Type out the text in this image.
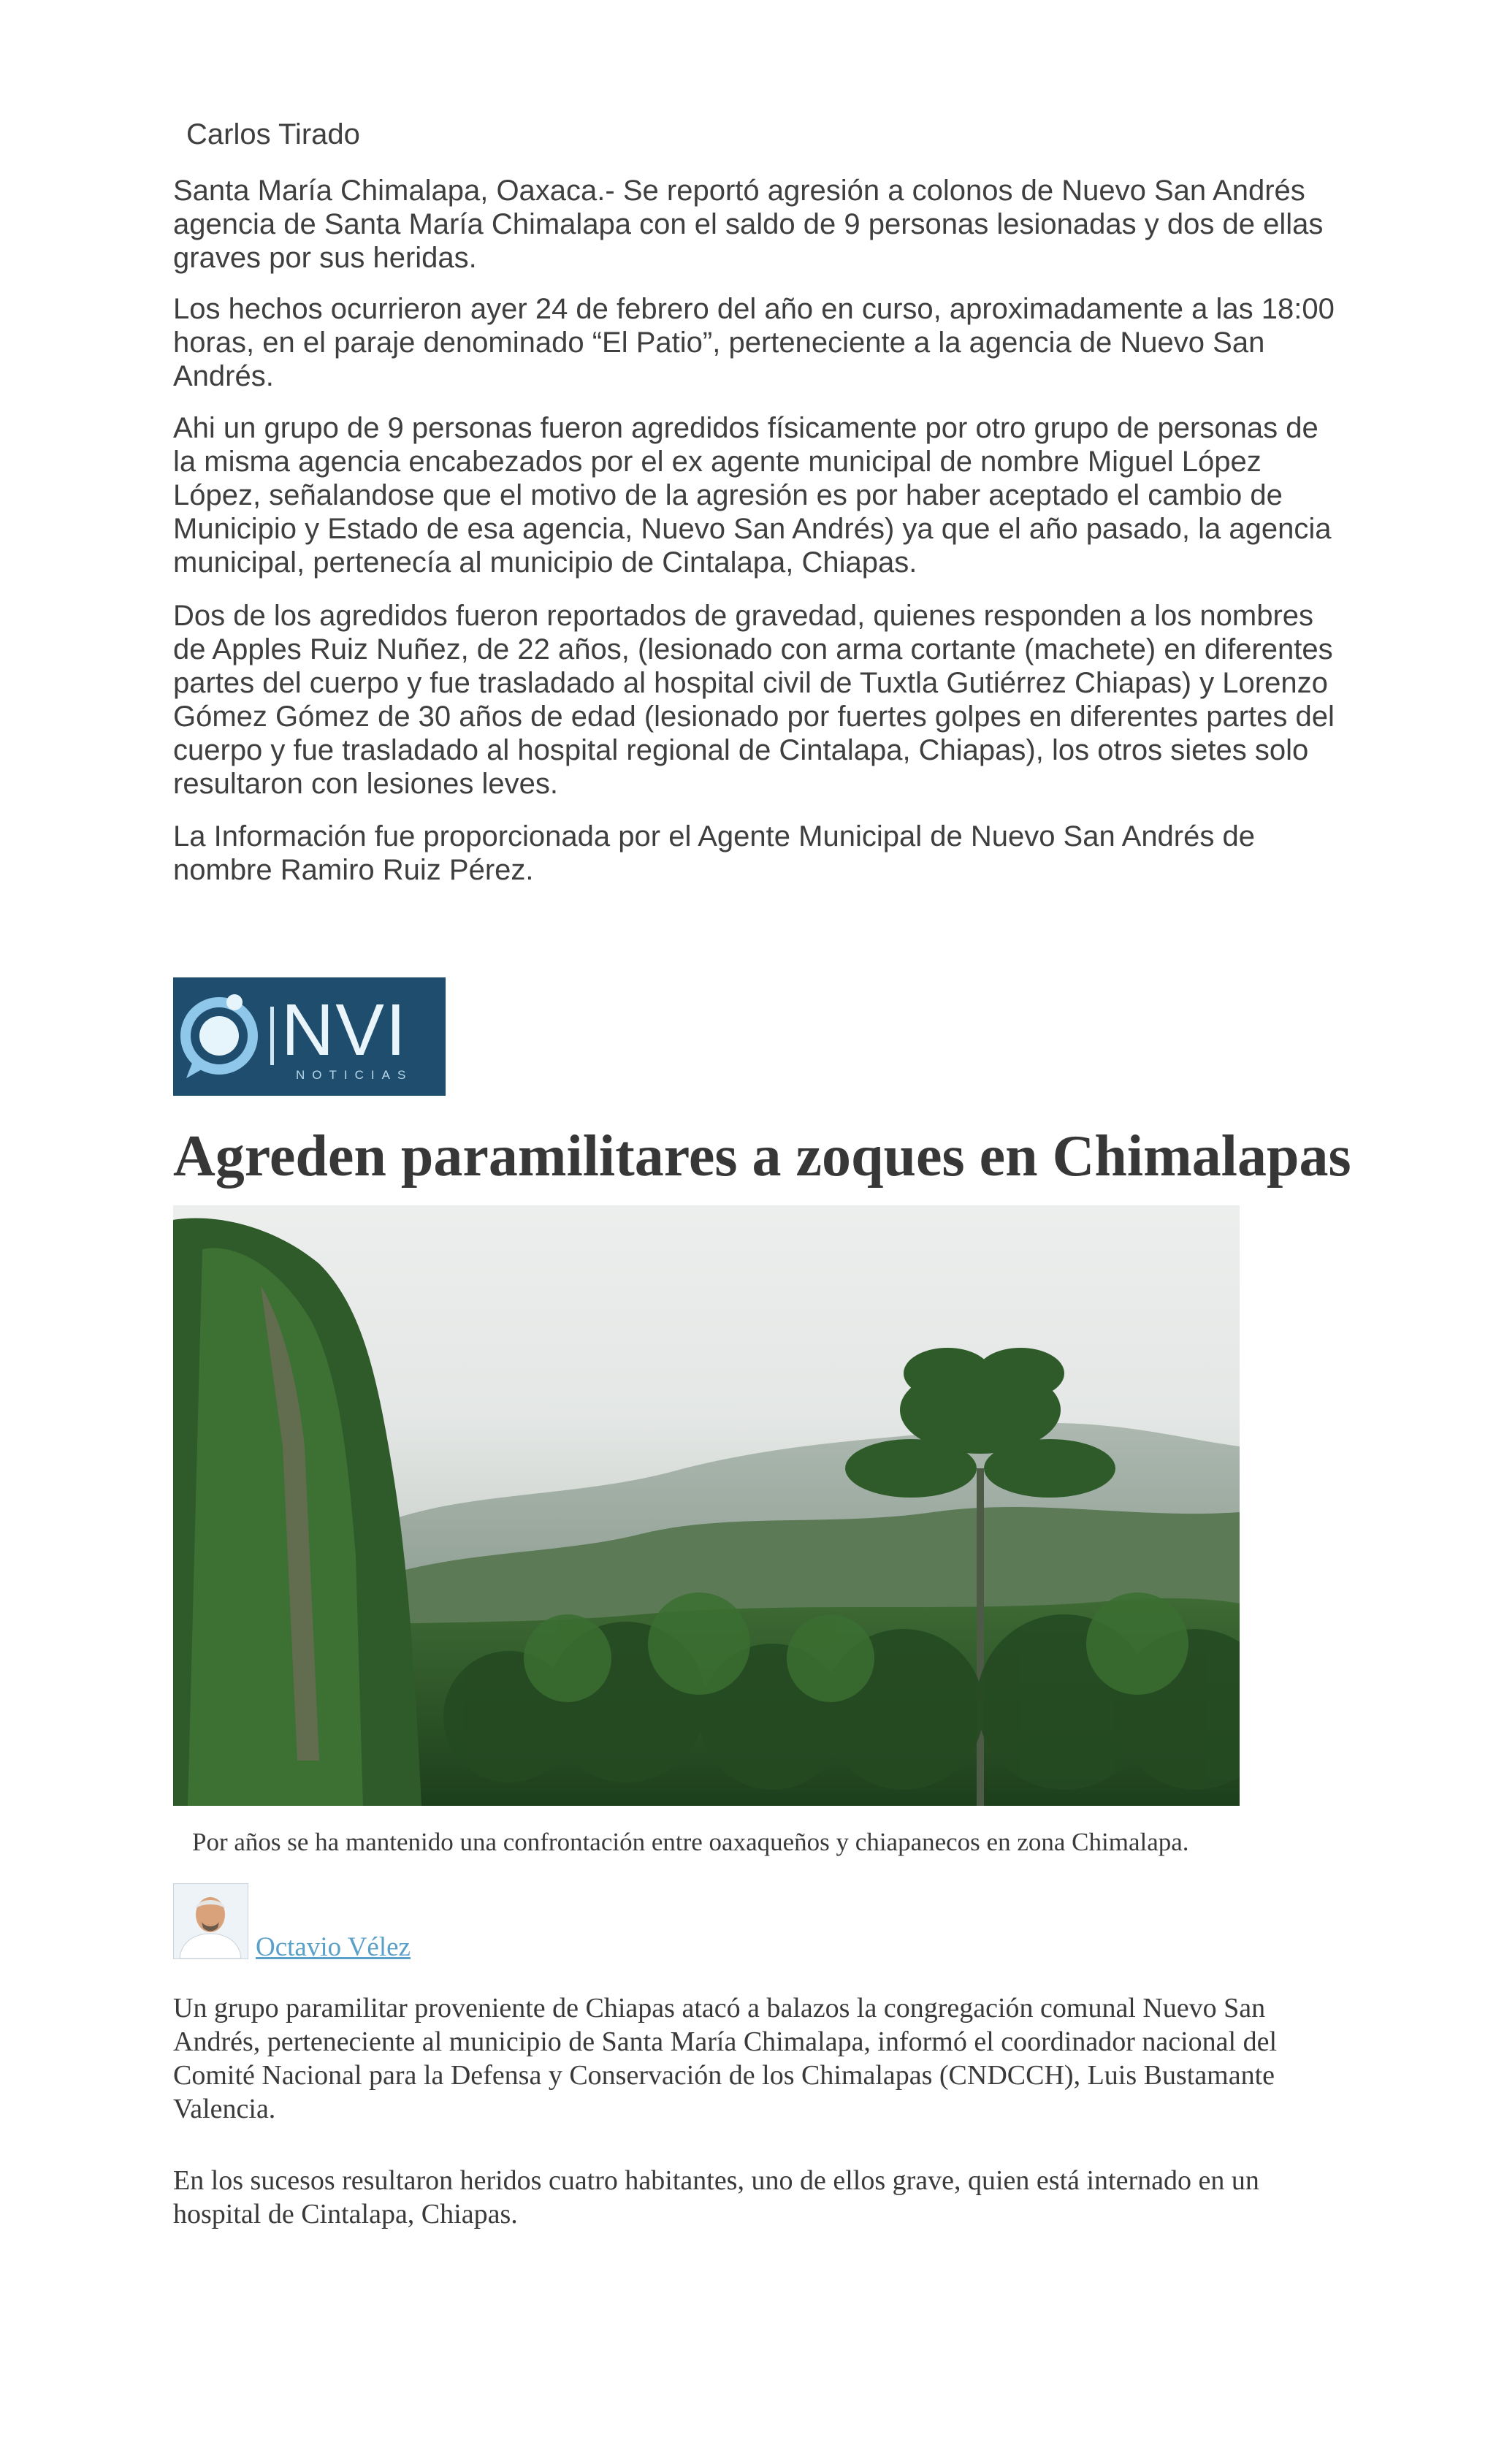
Carlos Tirado

Santa María Chimalapa, Oaxaca.- Se reportó agresión a colonos de Nuevo San Andrés agencia de Santa María Chimalapa con el saldo de 9 personas lesionadas y dos de ellas graves por sus heridas.

Los hechos ocurrieron ayer 24 de febrero del año en curso, aproximadamente a las 18:00 horas, en el paraje denominado “El Patio”, perteneciente a la agencia de Nuevo San Andrés.

Ahi un grupo de 9 personas fueron agredidos físicamente por otro grupo de personas de la misma agencia encabezados por el ex agente municipal de nombre Miguel López López, señalandose que el motivo de la agresión es por haber aceptado el cambio de Municipio y Estado de esa agencia, Nuevo San Andrés) ya que el año pasado, la agencia municipal, pertenecía al municipio de Cintalapa, Chiapas.

Dos de los agredidos fueron reportados de gravedad, quienes responden a los nombres de Apples Ruiz Nuñez, de 22 años, (lesionado con arma cortante (machete) en diferentes partes del cuerpo y fue trasladado al hospital civil de Tuxtla Gutiérrez Chiapas) y Lorenzo Gómez Gómez de 30 años de edad (lesionado por fuertes golpes en diferentes partes del cuerpo y fue trasladado al hospital regional de Cintalapa, Chiapas), los otros sietes solo resultaron con lesiones leves.

La Información fue proporcionada por el Agente Municipal de Nuevo San Andrés de nombre Ramiro Ruiz Pérez.

NVI
NOTICIAS
Agreden paramilitares a zoques en Chimalapas

Por años se ha mantenido una confrontación entre oaxaqueños y chiapanecos en zona Chimalapa.

Octavio Vélez

Un grupo paramilitar proveniente de Chiapas atacó a balazos la congregación comunal Nuevo San Andrés, perteneciente al municipio de Santa María Chimalapa, informó el coordinador nacional del Comité Nacional para la Defensa y Conservación de los Chimalapas (CNDCCH), Luis Bustamante Valencia.

En los sucesos resultaron heridos cuatro habitantes, uno de ellos grave, quien está internado en un hospital de Cintalapa, Chiapas.
